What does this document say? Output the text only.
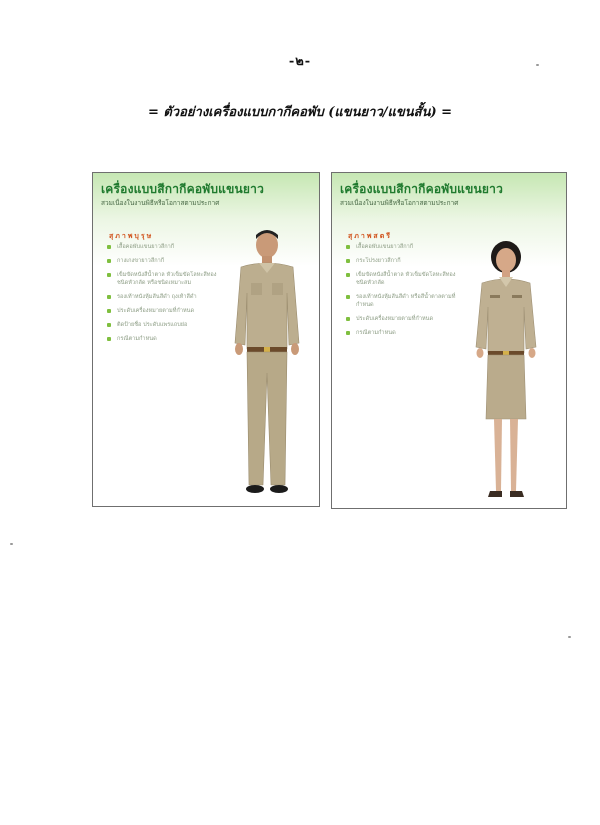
-๒-
= ตัวอย่างเครื่องแบบกากีคอพับ (แขนยาว/แขนสั้น) =
เครื่องแบบสีกากีคอพับแขนยาว
สวมเนื่องในงานพิธีหรือโอกาสตามประกาศ
สุภาพบุรุษ
เสื้อคอพับแขนยาวสีกากี
กางเกงขายาวสีกากี
เข็มขัดหนังสีน้ำตาล หัวเข็มขัดโลหะสีทอง ชนิดหัวกลัด หรือชนิดเหมาะสม
รองเท้าหนังหุ้มส้นสีดำ ถุงเท้าสีดำ
ประดับเครื่องหมายตามที่กำหนด
ติดป้ายชื่อ ประดับแพรแถบย่อ
กรณีตามกำหนด
เครื่องแบบสีกากีคอพับแขนยาว
สวมเนื่องในงานพิธีหรือโอกาสตามประกาศ
สุภาพสตรี
เสื้อคอพับแขนยาวสีกากี
กระโปรงยาวสีกากี
เข็มขัดหนังสีน้ำตาล หัวเข็มขัดโลหะสีทอง ชนิดหัวกลัด
รองเท้าหนังหุ้มส้นสีดำ หรือสีน้ำตาลตามที่กำหนด
ประดับเครื่องหมายตามที่กำหนด
กรณีตามกำหนด
